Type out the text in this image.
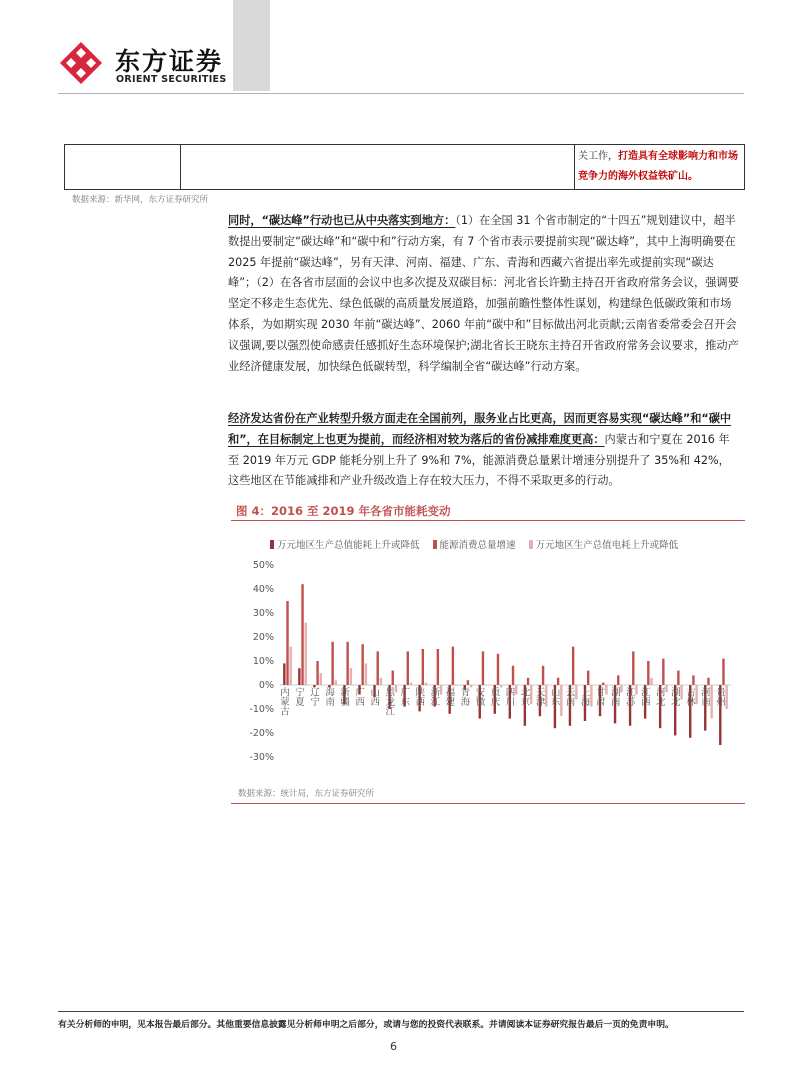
东方证券
ORIENT SECURITIES
		关工作，打造具有全球影响力和市场竞争力的海外权益铁矿山。
数据来源：新华网，东方证券研究所
同时，“碳达峰”行动也已从中央落实到地方：（1）在全国 31 个省市制定的“十四五”规划建议中，超半数提出要制定“碳达峰”和“碳中和”行动方案，有 7 个省市表示要提前实现“碳达峰”，其中上海明确要在 2025 年提前“碳达峰”，另有天津、河南、福建、广东、青海和西藏六省提出率先或提前实现“碳达峰”；（2）在各省市层面的会议中也多次提及双碳目标：河北省长许勤主持召开省政府常务会议，强调要坚定不移走生态优先、绿色低碳的高质量发展道路，加强前瞻性整体性谋划，构建绿色低碳政策和市场体系，为如期实现 2030 年前“碳达峰”、2060 年前“碳中和”目标做出河北贡献;云南省委常委会召开会议强调,要以强烈使命感责任感抓好生态环境保护;湖北省长王晓东主持召开省政府常务会议要求，推动产业经济健康发展，加快绿色低碳转型，科学编制全省“碳达峰”行动方案。
经济发达省份在产业转型升级方面走在全国前列，服务业占比更高，因而更容易实现“碳达峰”和“碳中和”，在目标制定上也更为提前，而经济相对较为落后的省份减排难度更高：内蒙古和宁夏在 2016 年至 2019 年万元 GDP 能耗分别上升了 9%和 7%，能源消费总量累计增速分别提升了 35%和 42%，这些地区在节能减排和产业升级改造上存在较大压力，不得不采取更多的行动。
图 4：2016 至 2019 年各省市能耗变动
万元地区生产总值能耗上升或降低 能源消费总量增速 万元地区生产总值电耗上升或降低
50%
40%
30%
20%
10%
0%
-10%
-20%
-30%
内蒙古 宁夏 辽宁 海南 新疆 广西 山西 黑龙江 广东 陕西 浙江 福建 青海 安徽 重庆 四川 北京 天津 山东 云南 上海 甘肃 湖南 江苏 江西 河北 湖北 吉林 河南 贵州
数据来源：统计局，东方证券研究所
有关分析师的申明，见本报告最后部分。其他重要信息披露见分析师申明之后部分，或请与您的投资代表联系。并请阅读本证券研究报告最后一页的免责申明。
6
